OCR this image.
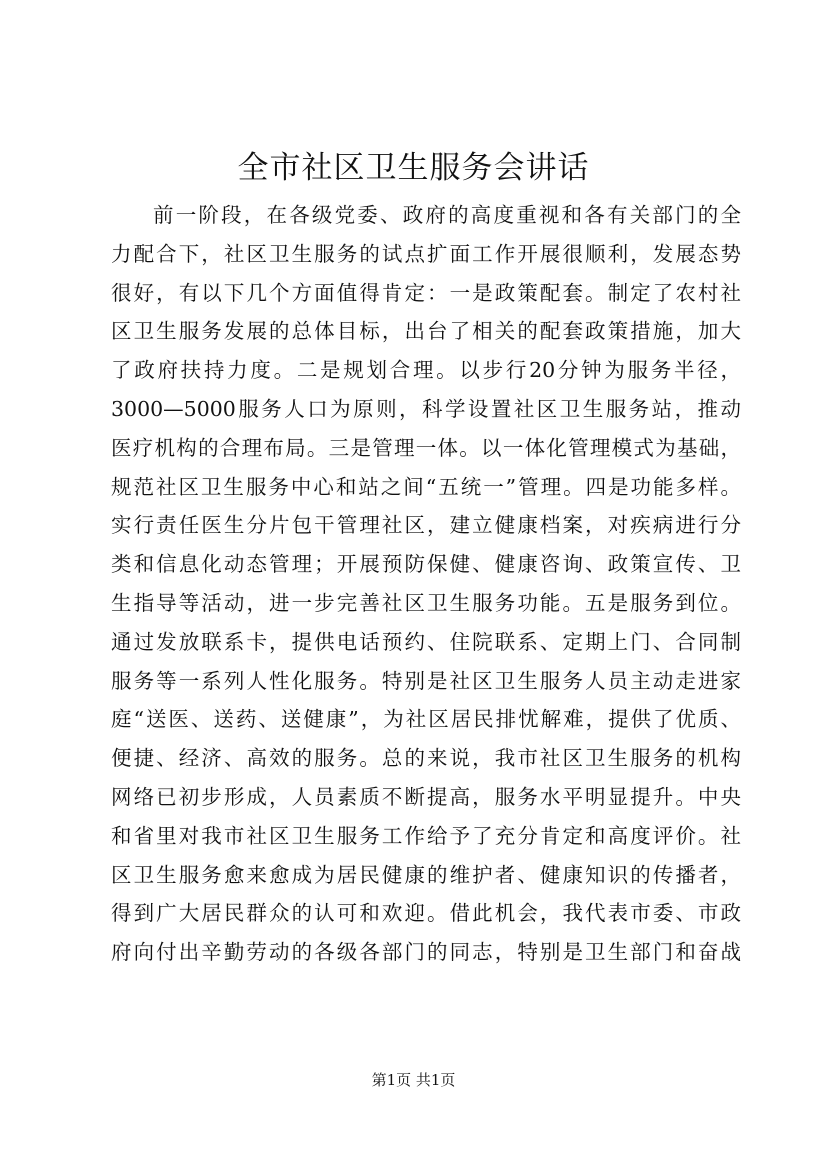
全市社区卫生服务会讲话
前一阶段，在各级党委、政府的高度重视和各有关部门的全
力配合下，社区卫生服务的试点扩面工作开展很顺利，发展态势
很好，有以下几个方面值得肯定：一是政策配套。制定了农村社
区卫生服务发展的总体目标，出台了相关的配套政策措施，加大
了政府扶持力度。二是规划合理。以步行20分钟为服务半径，
3000—5000服务人口为原则，科学设置社区卫生服务站，推动
医疗机构的合理布局。三是管理一体。以一体化管理模式为基础，
规范社区卫生服务中心和站之间“五统一”管理。四是功能多样。
实行责任医生分片包干管理社区，建立健康档案，对疾病进行分
类和信息化动态管理；开展预防保健、健康咨询、政策宣传、卫
生指导等活动，进一步完善社区卫生服务功能。五是服务到位。
通过发放联系卡，提供电话预约、住院联系、定期上门、合同制
服务等一系列人性化服务。特别是社区卫生服务人员主动走进家
庭“送医、送药、送健康”，为社区居民排忧解难，提供了优质、
便捷、经济、高效的服务。总的来说，我市社区卫生服务的机构
网络已初步形成，人员素质不断提高，服务水平明显提升。中央
和省里对我市社区卫生服务工作给予了充分肯定和高度评价。社
区卫生服务愈来愈成为居民健康的维护者、健康知识的传播者，
得到广大居民群众的认可和欢迎。借此机会，我代表市委、市政
府向付出辛勤劳动的各级各部门的同志，特别是卫生部门和奋战
第1页 共1页
